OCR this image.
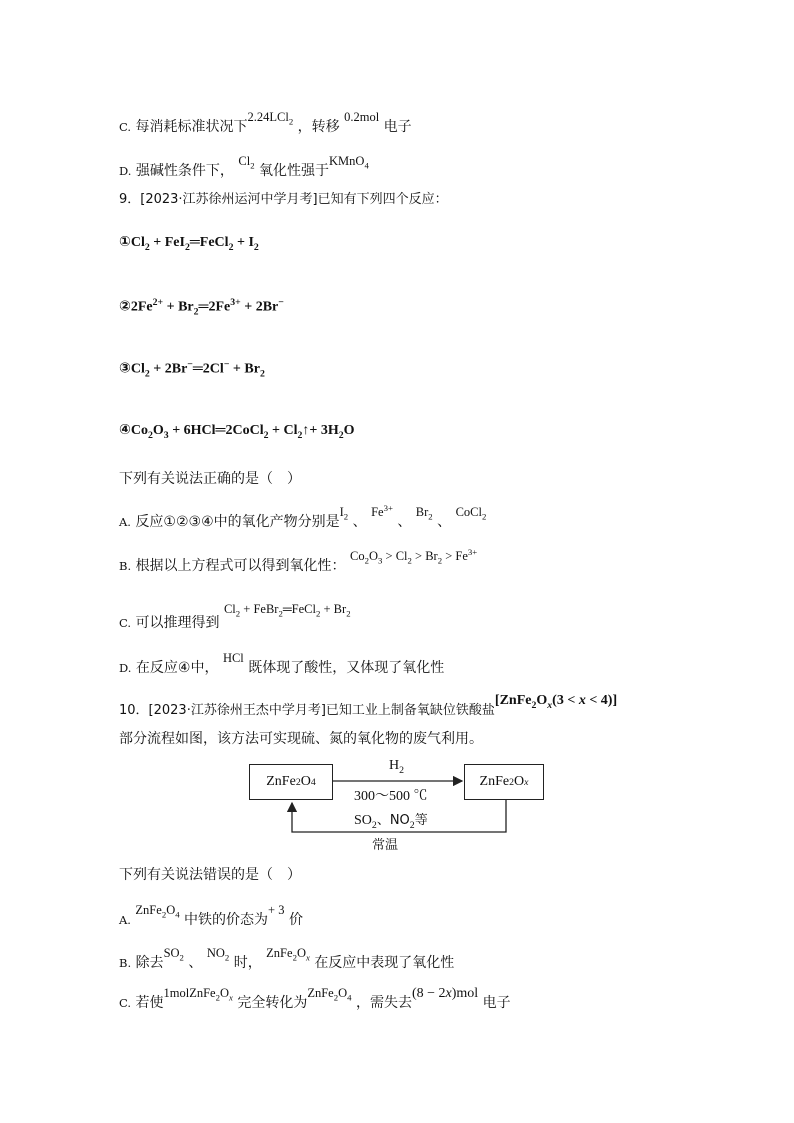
C. 每消耗标准状况下2.24LCl$_2$ ，转移 0.2mol 电子
D. 强碱性条件下， $Cl_2$ 氧化性强于KMnO$_4$
9．[2023·江苏徐州运河中学月考]已知有下列四个反应：
$①Cl_2$ + FeI$_2$═FeCl$_2$ + $I_2$
$②2Fe^{2+}$ + $Br_2═2Fe^{3+} + 2Br^-$
$③Cl_2$ + 2Br−═2Cl− + $Br_2$
$④Co_2O_3$ + 6HCl═2CoCl$_2$ + $Cl_2↑+ 3H_2O$
下列有关说法正确的是（　）
A. 反应①②③④中的氧化产物分别是$I_2$ 、 $Fe^{3+}$ 、 $Br_2$ 、 CoCl$_2$
B. 根据以上方程式可以得到氧化性： $Co_2O_3 > Cl_2 > Br_2 > Fe^{3+}$
C. 可以推理得到 $Cl_2$ + FeBr$_2$═FeCl$_2$ + $Br_2$
D. 在反应④中， HCl 既体现了酸性，又体现了氧化性
10．[2023·江苏徐州王杰中学月考]已知工业上制备氧缺位铁酸盐$[ZnFe_2O_x(3 < x < 4)]$
部分流程如图，该方法可实现硫、氮的氧化物的废气利用。
ZnFe 2 O 4	ZnFe 2 O x
$H_2$
300～500 ℃
$SO_2$、$NO_2$等
常温
下列有关说法错误的是（　）
A. $ZnFe_2O_4$ 中铁的价态为+ 3 价
B. 除去$SO_2$ 、 $NO_2$ 时， $ZnFe_2O_x$ 在反应中表现了氧化性
C. 若使$1molZnFe_2O_x$ 完全转化为$ZnFe_2O_4$ ，需失去(8 − 2x)mol 电子
